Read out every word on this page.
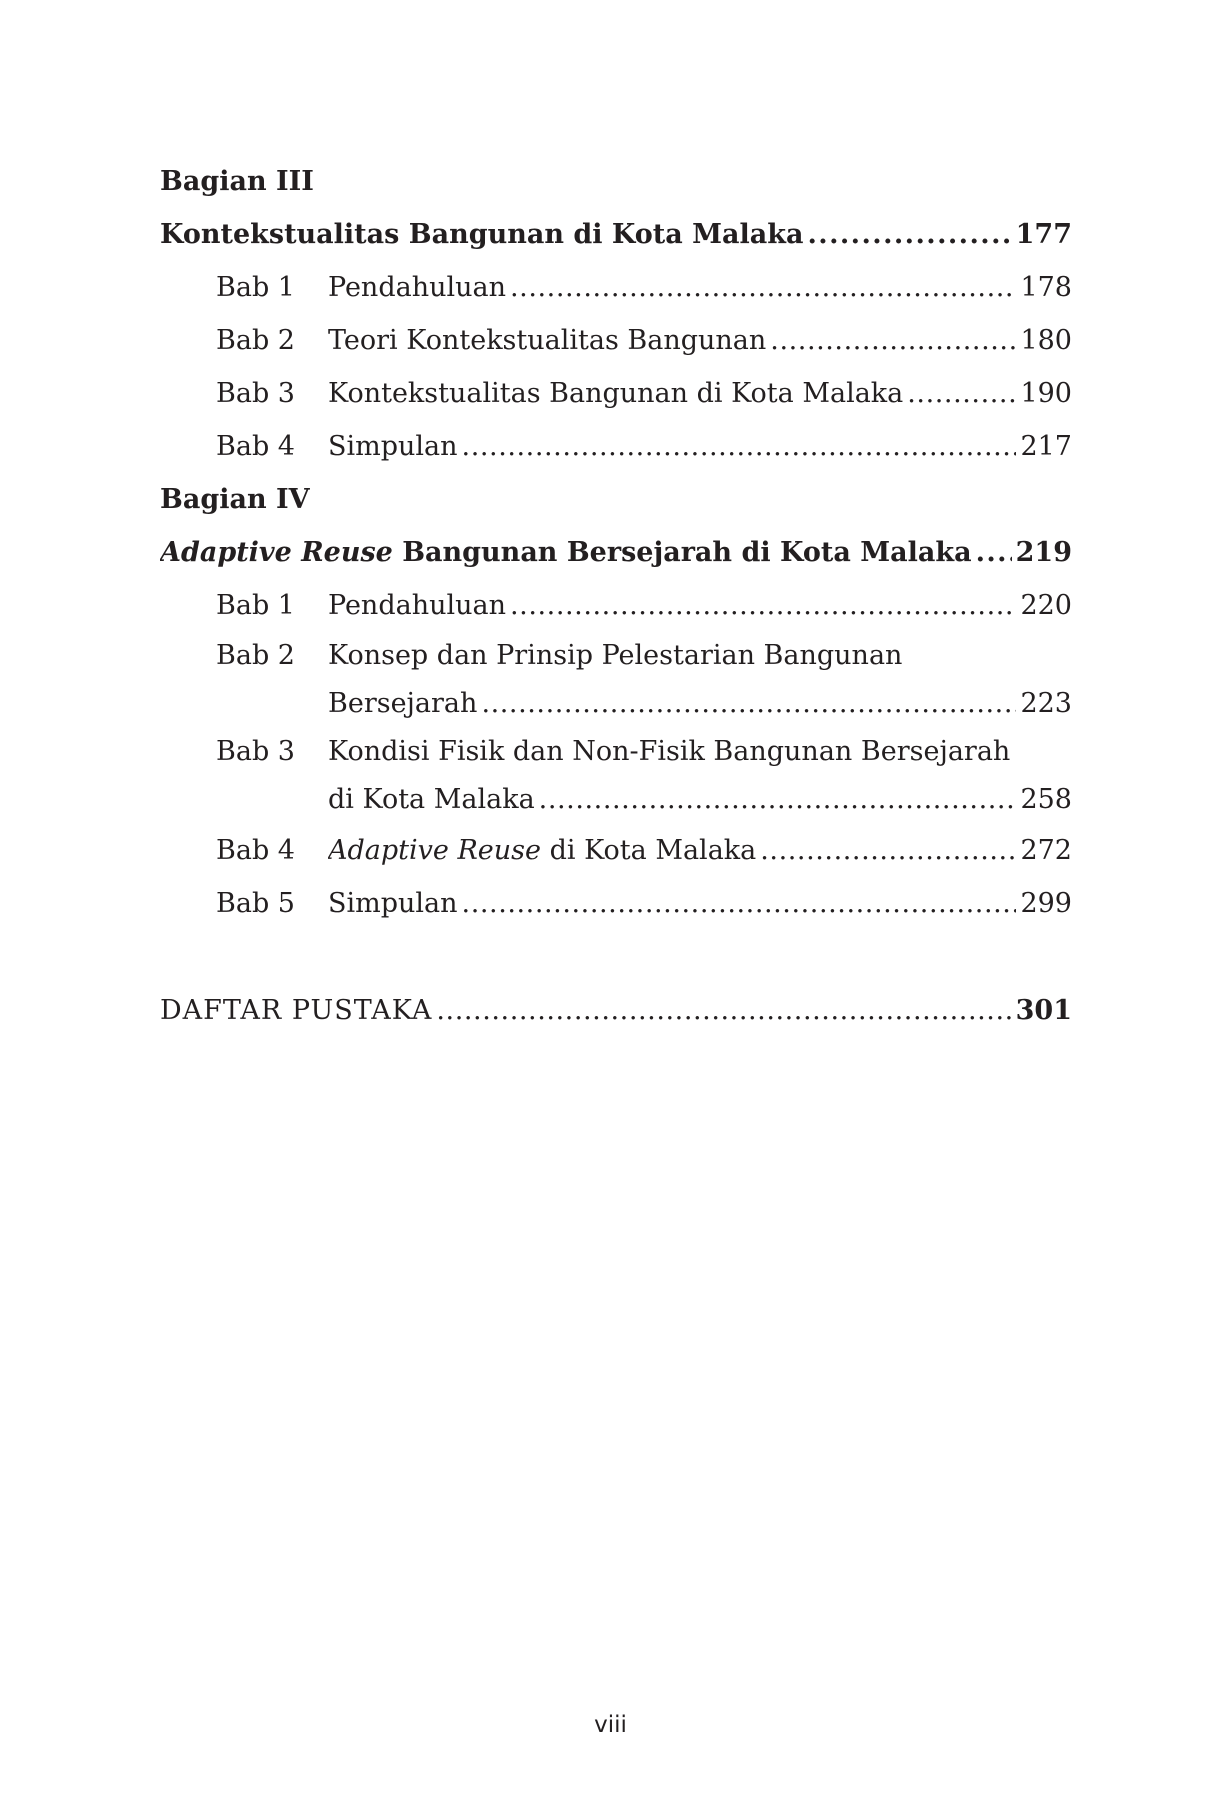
Bagian III
Kontekstualitas Bangunan di Kota Malaka . . .	177
Bab 1	Pendahuluan . . .	178
Bab 2	Teori Kontekstualitas Bangunan . . .	180
Bab 3	Kontekstualitas Bangunan di Kota Malaka . . .	190
Bab 4	Simpulan . . .	217
Bagian IV
Adaptive Reuse Bangunan Bersejarah di Kota Malaka . . . 219
Bab 1	Pendahuluan . . .	220
Bab 2	Konsep dan Prinsip Pelestarian Bangunan
Bersejarah . . .	223
Bab 3	Kondisi Fisik dan Non-Fisik Bangunan Bersejarah
di Kota Malaka . . .	258
Bab 4	Adaptive Reuse di Kota Malaka . . .	272
Bab 5	Simpulan . . .	299
DAFTAR PUSTAKA . . .	301
viii
